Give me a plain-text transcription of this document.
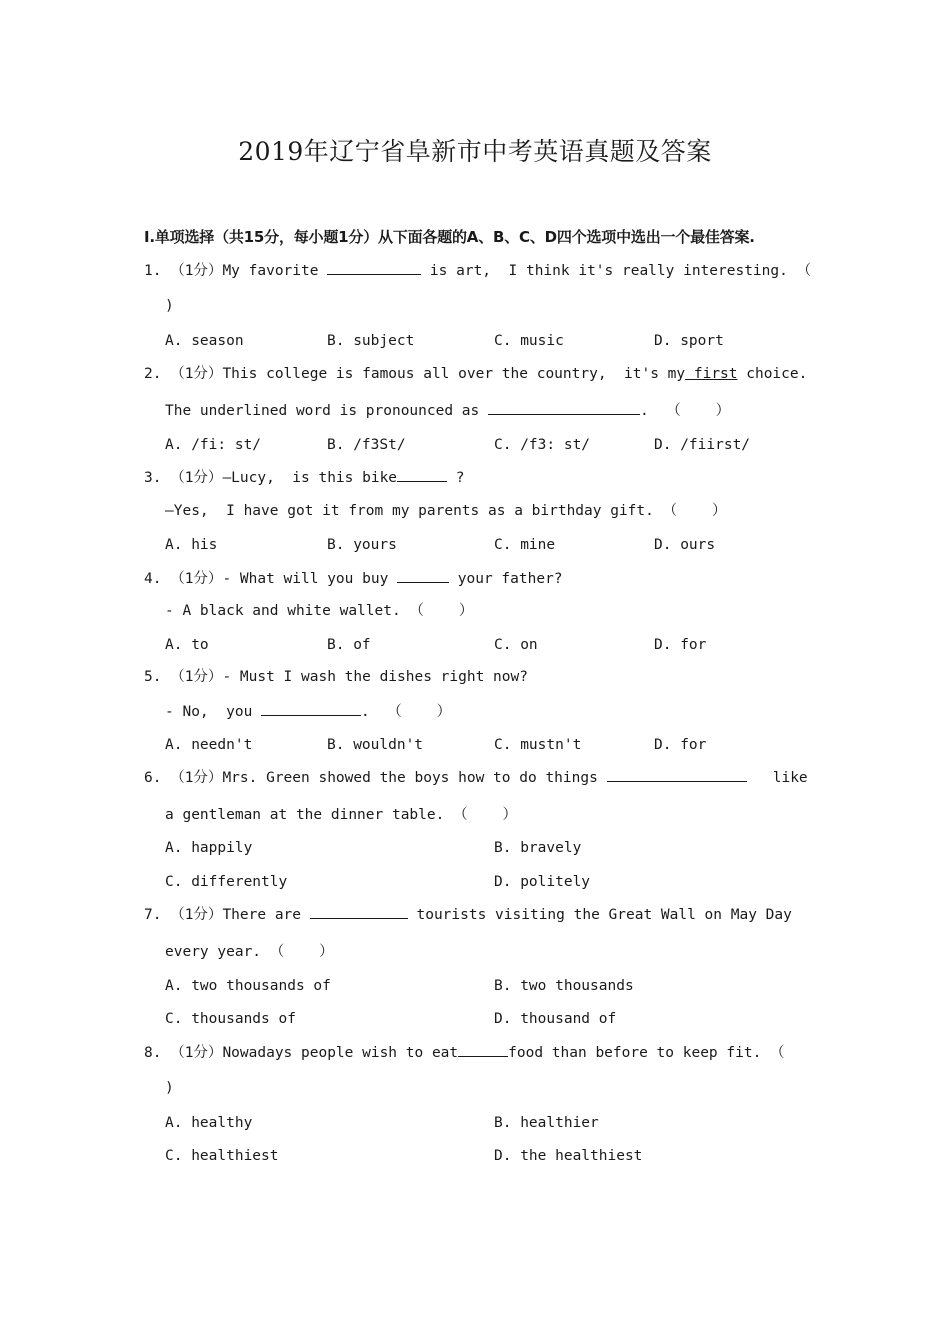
2019年辽宁省阜新市中考英语真题及答案
I.单项选择（共15分，每小题1分）从下面各题的A、B、C、D四个选项中选出一个最佳答案.
1. （1分）My favorite	is art,  I think it's really interesting. （
)
A. season	B. subject	C. music	D. sport
2. （1分）This college is famous all over the country,  it's my first choice.
The underlined word is pronounced as	.  （    ）
A. /fi: st/	B. /f3St/	C. /f3: st/	D. /fiirst/
3. （1分）—Lucy,  is this bike	?
—Yes,  I have got it from my parents as a birthday gift. （    ）
A. his	B. yours	C. mine	D. ours
4. （1分）- What will you buy	your father?
- A black and white wallet. （    ）
A. to	B. of	C. on	D. for
5. （1分）- Must I wash the dishes right now?
- No,  you	.  （    ）
A. needn't	B. wouldn't	C. mustn't	D. for
6. （1分）Mrs. Green showed the boys how to do things	like
a gentleman at the dinner table. （    ）
A. happily	B. bravely
C. differently	D. politely
7. （1分）There are	tourists visiting the Great Wall on May Day
every year. （    ）
A. two thousands of	B. two thousands
C. thousands of	D. thousand of
8. （1分）Nowadays people wish to eat	food than before to keep fit. （
)
A. healthy	B. healthier
C. healthiest	D. the healthiest
